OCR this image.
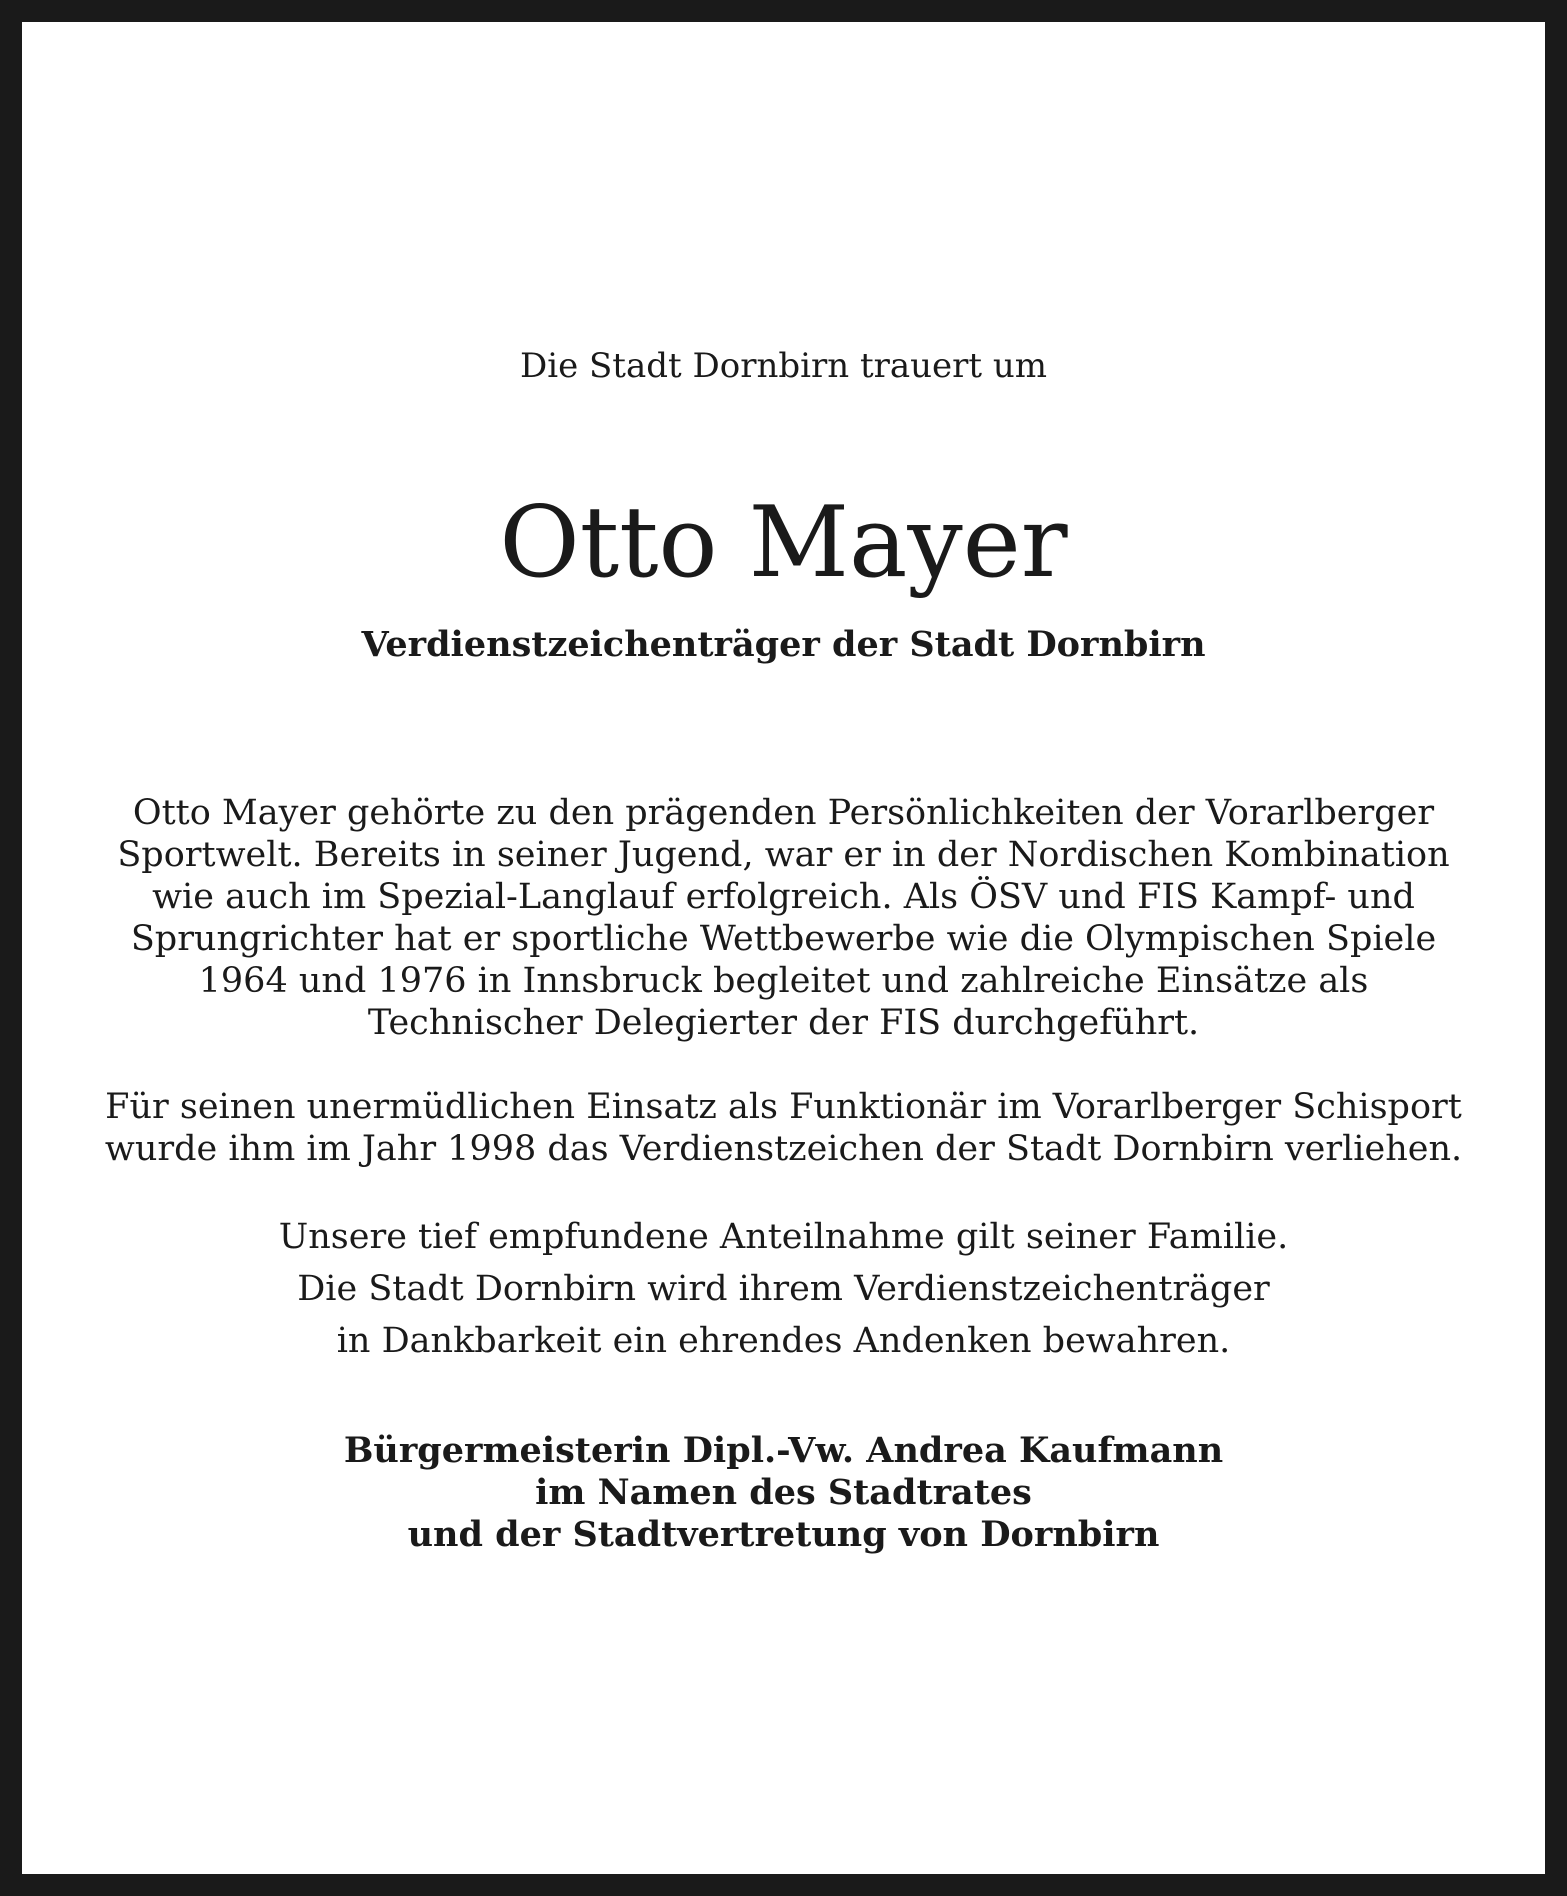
Die Stadt Dornbirn trauert um
Otto Mayer
Verdienstzeichenträger der Stadt Dornbirn
Otto Mayer gehörte zu den prägenden Persönlichkeiten der Vorarlberger
Sportwelt. Bereits in seiner Jugend, war er in der Nordischen Kombination
wie auch im Spezial-Langlauf erfolgreich. Als ÖSV und FIS Kampf- und
Sprungrichter hat er sportliche Wettbewerbe wie die Olympischen Spiele
1964 und 1976 in Innsbruck begleitet und zahlreiche Einsätze als
Technischer Delegierter der FIS durchgeführt.
Für seinen unermüdlichen Einsatz als Funktionär im Vorarlberger Schisport
wurde ihm im Jahr 1998 das Verdienstzeichen der Stadt Dornbirn verliehen.
Unsere tief empfundene Anteilnahme gilt seiner Familie.
Die Stadt Dornbirn wird ihrem Verdienstzeichenträger
in Dankbarkeit ein ehrendes Andenken bewahren.
Bürgermeisterin Dipl.-Vw. Andrea Kaufmann
im Namen des Stadtrates
und der Stadtvertretung von Dornbirn
